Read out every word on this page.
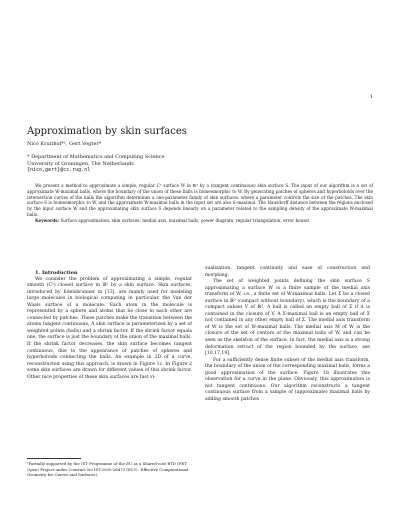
1
Approximation by skin surfaces
Nico Kruithof*¹, Gert Vegter*
* Department of Mathematics and Computing Science
University of Groningen, The Netherlands
{nico,gert}@cs.rug.nl

We present a method to approximate a simple, regular C² surface W in ℝ³ by a (tangent continuous) skin surface S. The input of our algorithm is a set of approximate W-maximal balls, where the boundary of the union of these balls is homeomorphic to W. By generating patches of spheres and hyperboloids over the intersection curves of the balls the algorithm determines a one-parameter family of skin surfaces, where a parameter controls the size of the patches. The skin surface S is homeomorphic to W, and the approximate W-maximal balls in the input set are also S-maximal. The Hausdorff distance between the regions enclosed by the input surface W and the approximating skin surface S depends linearly on a parameter related to the sampling density of the approximate W-maximal balls.

Keywords: Surface approximation, skin surfaces, medial axis, maximal balls, power diagram, regular triangulation, error bound

1. Introduction

We consider the problem of approximating a simple, regular smooth (C²) closed surface in ℝ³ by a skin surface. Skin surfaces, introduced by Edelsbrunner in [13], are mainly used for modeling large molecules in biological computing in particular, the Van der Waals surface of a molecule. Each atom in the molecule is represented by a sphere and atoms that lie close to each other are connected by patches. These patches make the transition between the atoms tangent continuous. A skin surface is parameterized by a set of weighted points (balls) and a shrink factor. If the shrink factor equals one, the surface is just the boundary of the union of the maximal balls. If the shrink factor decreases, the skin surface becomes tangent continuous, due to the appearance of patches of spheres and hyperboloids connecting the balls. An example in 2D of a curve, reconstructed using this approach, is drawn in Figure 1c. In Figure 2 some skin surfaces are drawn for different values of this shrink factor. Other nice properties of these skin surfaces are fast vi-

sualization, tangent continuity and ease of construction and morphing.

The set of weighted points defining the skin surface S approximating a surface W is a finite sample of the medial axis transform of W, i.e., a finite set of W-maximal balls. Let Σ be a closed surface in ℝ³ (compact without boundary), which is the boundary of a compact subset V of ℝ³. A ball is called an empty ball of Σ if it is contained in the closure of V. A Σ-maximal ball is an empty ball of Σ not contained in any other empty ball of Σ. The medial axis transform of W is the set of W-maximal balls. The medial axis M of W is the closure of the set of centers of the maximal balls of W, and can be seen as the skeleton of the surface. In fact, the medial axis is a strong deformation retract of the region bounded by the surface, see [10,17,19].

For a sufficiently dense finite subset of the medial axis transform, the boundary of the union of the corresponding maximal balls, forms a good approximation of the surface. Figure 1b illustrates this observation for a curve in the plane. Obviously, this approximation is not tangent continuous. Our algorithm reconstructs a tangent continuous surface from a sample of (approximate) maximal balls by adding smooth patches

¹Partially supported by the IST Programme of the EU as a Shared-cost RTD (FET Open) Project under Contract No IST-2000-26473 (ECG - Effective Computational Geometry for Curves and Surfaces).
